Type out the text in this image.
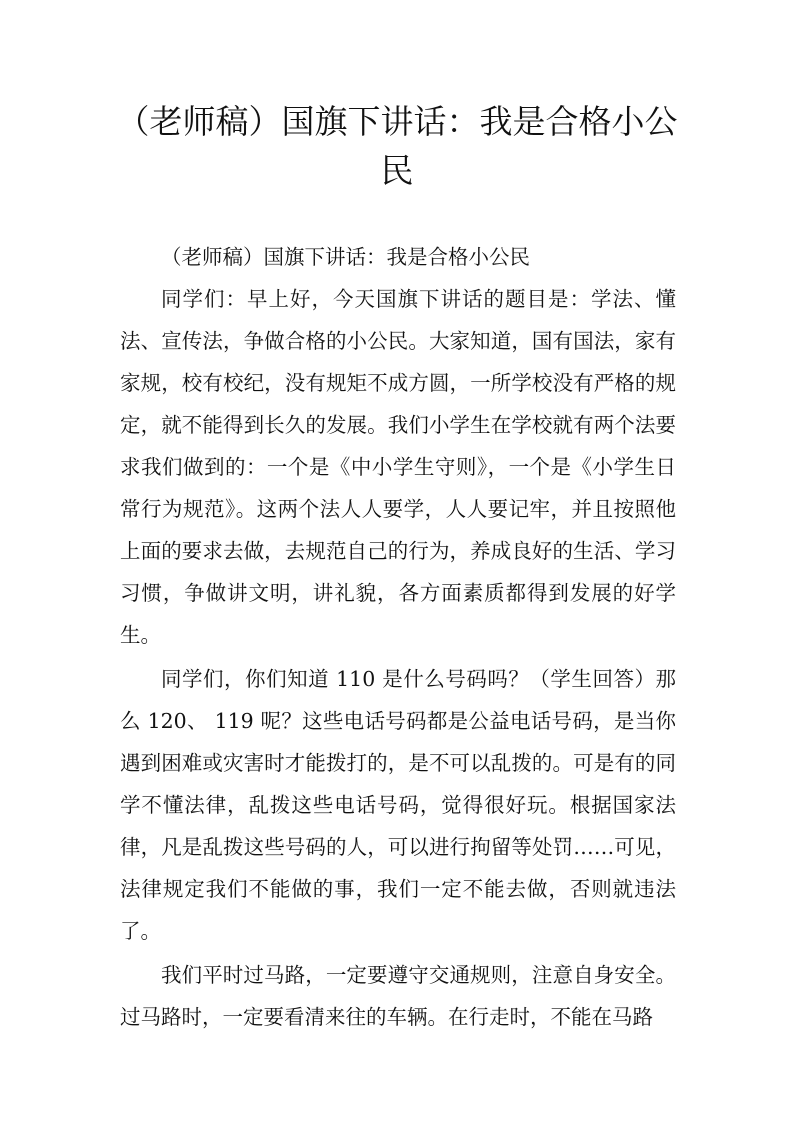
（老师稿）国旗下讲话：我是合格小公民

（老师稿）国旗下讲话：我是合格小公民

同学们：早上好，今天国旗下讲话的题目是：学法、懂法、宣传法，争做合格的小公民。大家知道，国有国法，家有家规，校有校纪，没有规矩不成方圆，一所学校没有严格的规定，就不能得到长久的发展。我们小学生在学校就有两个法要求我们做到的：一个是《中小学生守则》，一个是《小学生日常行为规范》。这两个法人人要学，人人要记牢，并且按照他上面的要求去做，去规范自己的行为，养成良好的生活、学习习惯，争做讲文明，讲礼貌，各方面素质都得到发展的好学生。

同学们，你们知道 110 是什么号码吗？（学生回答）那么 120、 119 呢？这些电话号码都是公益电话号码，是当你遇到困难或灾害时才能拨打的，是不可以乱拨的。可是有的同学不懂法律，乱拨这些电话号码，觉得很好玩。根据国家法律，凡是乱拨这些号码的人，可以进行拘留等处罚……可见，法律规定我们不能做的事，我们一定不能去做，否则就违法了。

我们平时过马路，一定要遵守交通规则，注意自身安全。过马路时，一定要看清来往的车辆。在行走时，不能在马路
